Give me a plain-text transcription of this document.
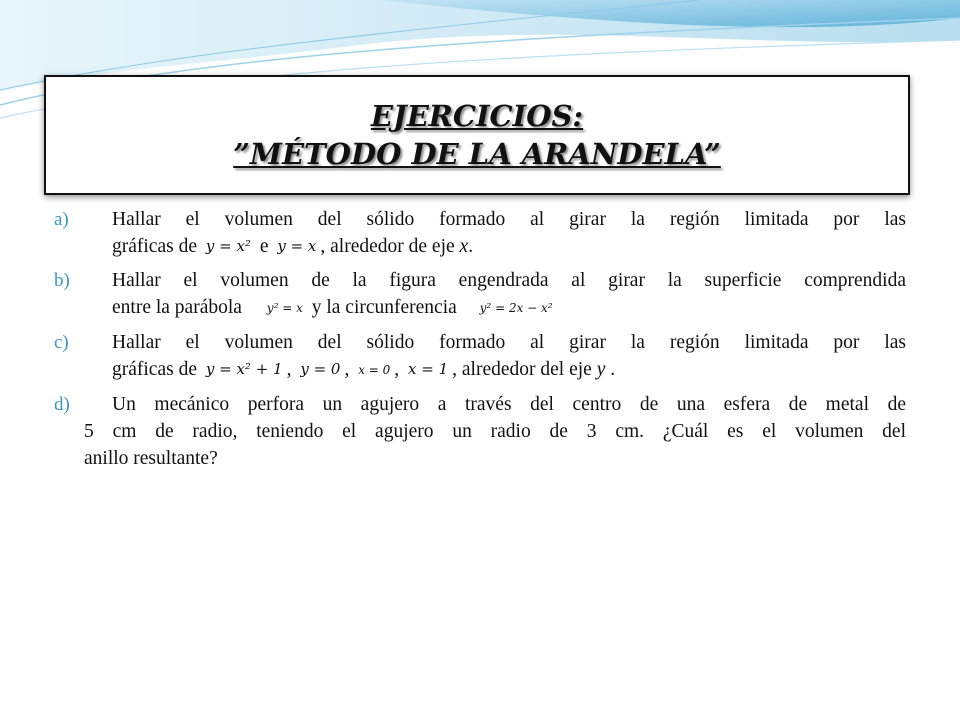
EJERCICIOS:
”MÉTODO DE LA ARANDELA”
a) Hallar el volumen del sólido formado al girar la región limitada por las
gráficas de y = x² e y = x , alrededor de eje x.
b) Hallar el volumen de la figura engendrada al girar la superficie comprendida
entre la parábola y² = x y la circunferencia y² = 2x − x²
c) Hallar el volumen del sólido formado al girar la región limitada por las
gráficas de y = x² + 1 , y = 0 , x = 0 , x = 1 , alrededor del eje y .
d) Un mecánico perfora un agujero a través del centro de una esfera de metal de
5 cm de radio, teniendo el agujero un radio de 3 cm. ¿Cuál es el volumen del
anillo resultante?
